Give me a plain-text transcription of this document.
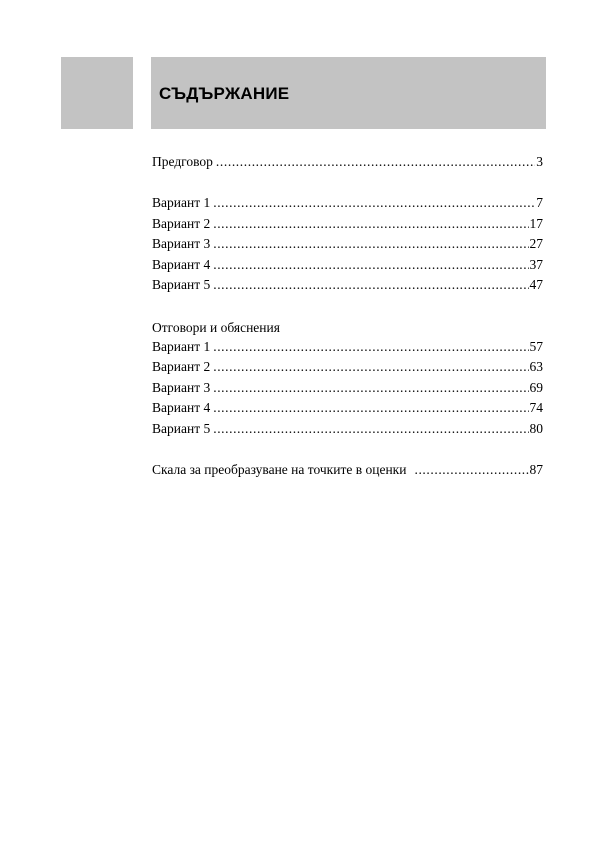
СЪДЪРЖАНИЕ
Предговор .....	3
Вариант 1 .....	7
Вариант 2 .....	17
Вариант 3 .....	27
Вариант 4 .....	37
Вариант 5 .....	47
Отговори и обяснения
Вариант 1 .....	57
Вариант 2 .....	63
Вариант 3 .....	69
Вариант 4 .....	74
Вариант 5 .....	80
Скала за преобразуване на точките в оценки .....	87
